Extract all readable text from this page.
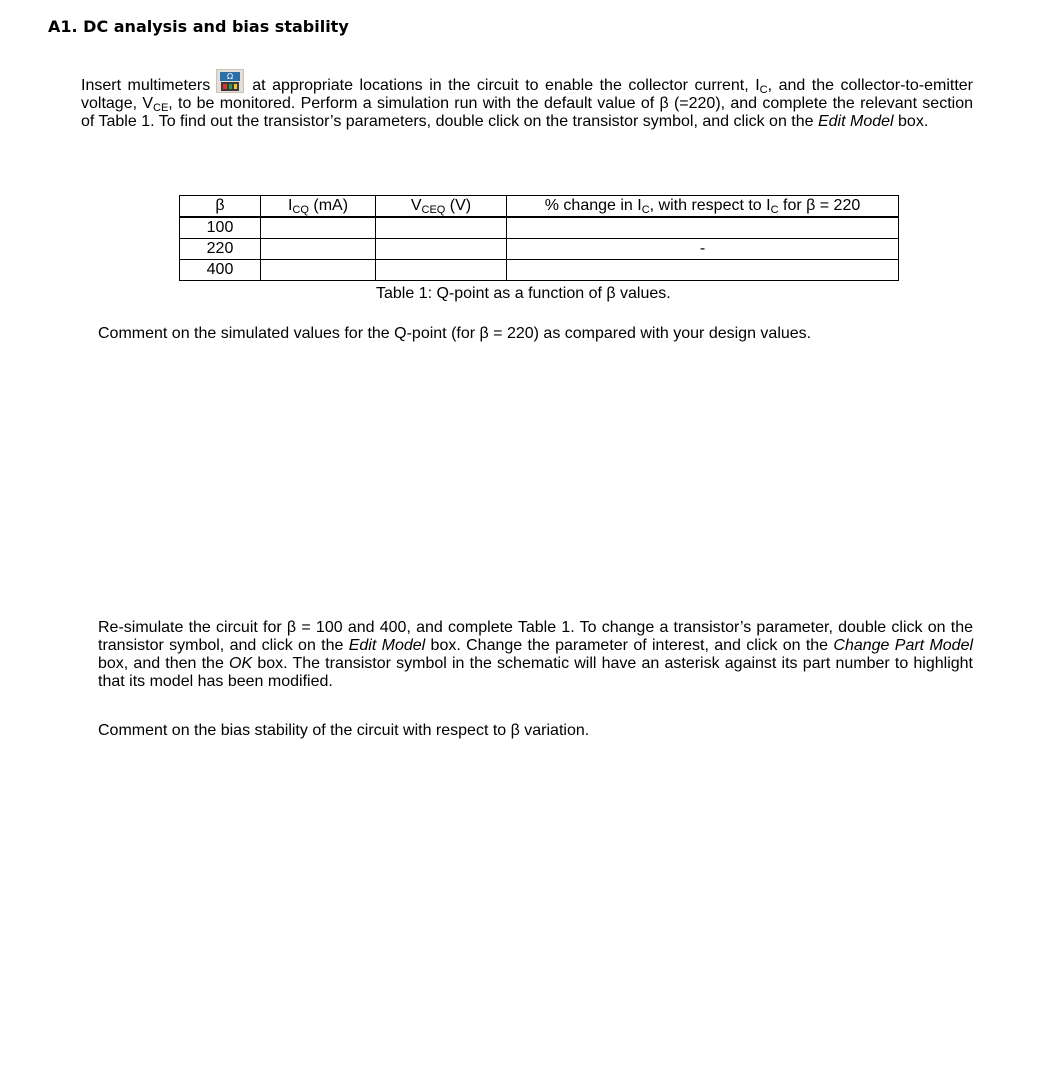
A1. DC analysis and bias stability
Insert multimeters
Ω
at appropriate locations in the circuit to enable the collector current, $I_C$, and the collector-to-emitter voltage, $V_{CE}$, to be monitored. Perform a simulation run with the default value of β (=220), and complete the relevant section of Table 1. To find out the transistor’s parameters, double click on the transistor symbol, and click on the Edit Model box.
β	$I_{CQ}$ (mA)	$V_{CEQ}$ (V)	% change in $I_C$, with respect to $I_C$ for β = 220
100			
220			-
400			
Table 1: Q-point as a function of β values.
Comment on the simulated values for the Q-point (for β = 220) as compared with your design values.
Re-simulate the circuit for β = 100 and 400, and complete Table 1. To change a transistor’s parameter, double click on the transistor symbol, and click on the Edit Model box. Change the parameter of interest, and click on the Change Part Model box, and then the OK box. The transistor symbol in the schematic will have an asterisk against its part number to highlight that its model has been modified.
Comment on the bias stability of the circuit with respect to β variation.
